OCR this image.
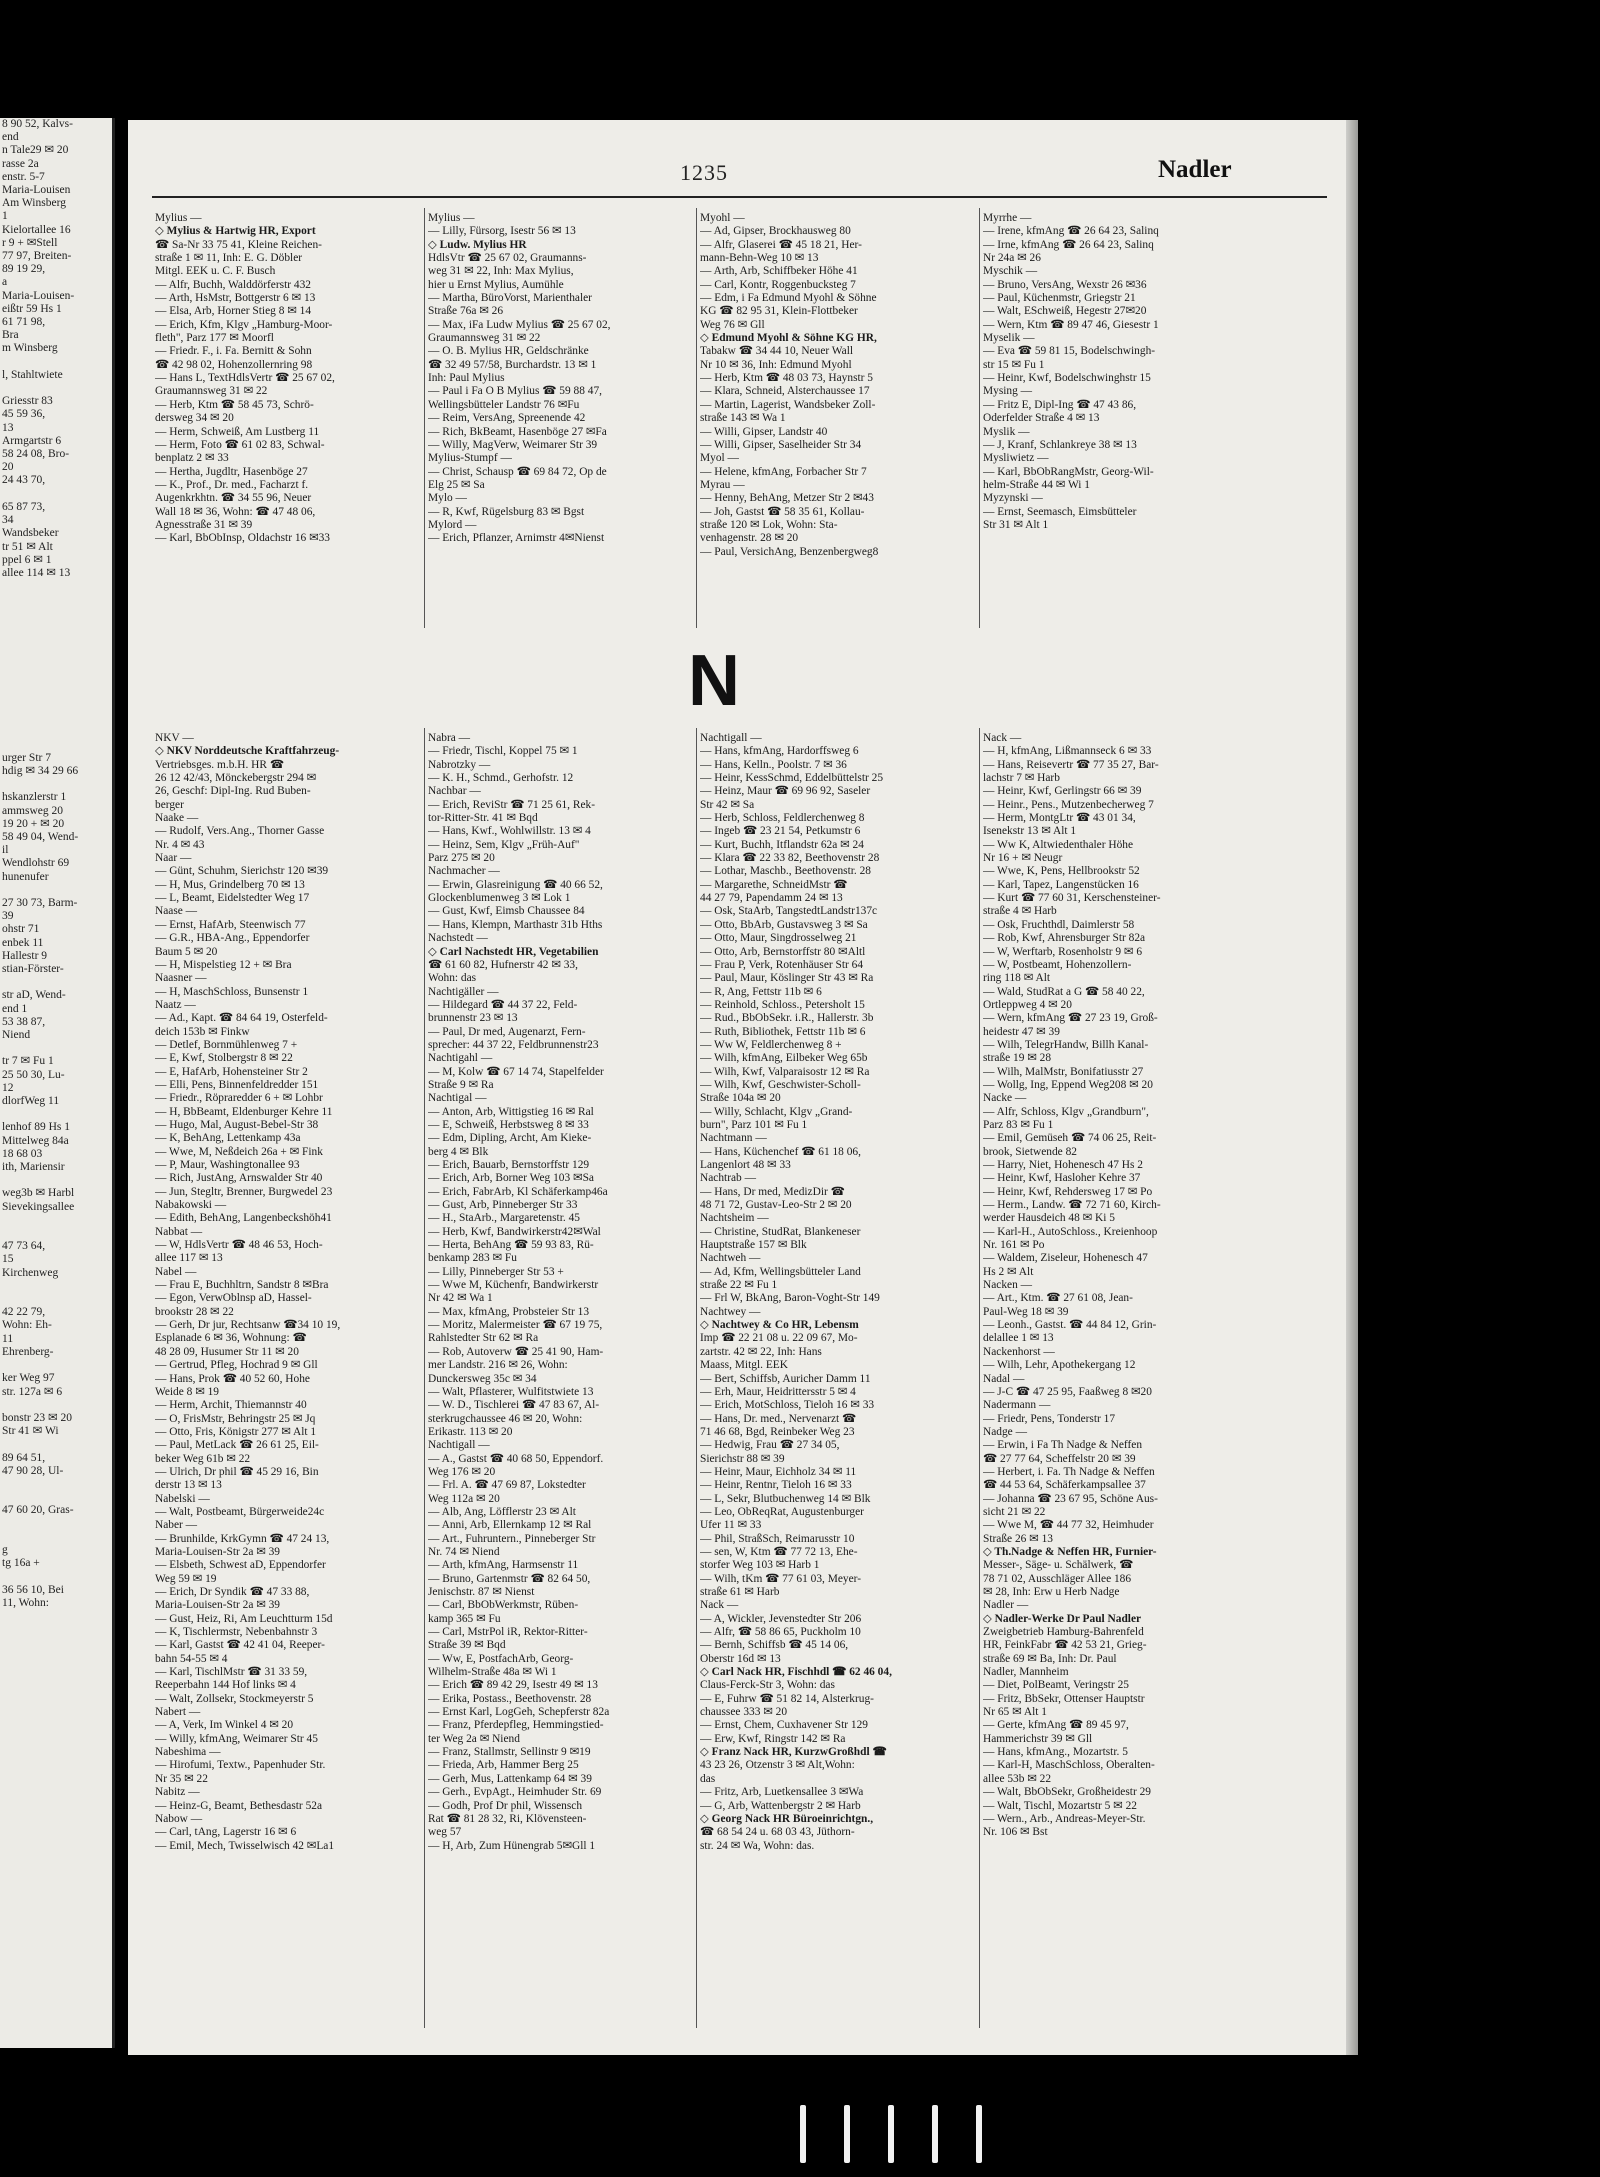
8 90 52, Kalvs-
end
n Tale29 ✉ 20
rasse 2a
enstr. 5-7
Maria-Louisen
Am Winsberg
1
Kielortallee 16
r 9 + ✉Stell
77 97, Breiten-
89 19 29,
a
Maria-Louisen-
eißtr 59 Hs 1
61 71 98,
Bra
m Winsberg

l, Stahltwiete

Griesstr 83
45 59 36,
13
Armgartstr 6
58 24 08, Bro-
20
24 43 70,

65 87 73,
34
Wandsbeker
tr 51 ✉ Alt
ppel 6 ✉ 1
allee 114 ✉ 13

urger Str 7
hdig ✉ 34 29 66

hskanzlerstr 1
ammsweg 20
19 20 + ✉ 20
58 49 04, Wend-
il
Wendlohstr 69
hunenufer

27 30 73, Barm-
39
ohstr 71
enbek 11
Hallestr 9
stian-Förster-

str aD, Wend-
end 1
53 38 87,
Niend

tr 7 ✉ Fu 1
25 50 30, Lu-
12
dlorfWeg 11

lenhof 89 Hs 1
Mittelweg 84a
18 68 03
ith, Mariensir

weg3b ✉ Harbl
Sievekingsallee

47 73 64,
15
Kirchenweg

42 22 79,
Wohn: Eh-
11
Ehrenberg-

ker Weg 97
str. 127a ✉ 6

bonstr 23 ✉ 20
Str 41 ✉ Wi

89 64 51,
47 90 28, Ul-

47 60 20, Gras-

g
tg 16a +

36 56 10, Bei
11, Wohn:
1235	Nadler
Mylius —
◇ Mylius & Hartwig HR, Export
☎ Sa-Nr 33 75 41, Kleine Reichen-
straße 1 ✉ 11, Inh: E. G. Döbler
Mitgl. EEK u. C. F. Busch
— Alfr, Buchh, Walddörferstr 432
— Arth, HsMstr, Bottgerstr 6 ✉ 13
— Elsa, Arb, Horner Stieg 8 ✉ 14
— Erich, Kfm, Klgv „Hamburg-Moor-
fleth", Parz 177 ✉ Moorfl
— Friedr. F., i. Fa. Bernitt & Sohn
☎ 42 98 02, Hohenzollernring 98
— Hans L, TextHdlsVertr ☎ 25 67 02,
Graumannsweg 31 ✉ 22
— Herb, Ktm ☎ 58 45 73, Schrö-
dersweg 34 ✉ 20
— Herm, Schweiß, Am Lustberg 11
— Herm, Foto ☎ 61 02 83, Schwal-
benplatz 2 ✉ 33
— Hertha, Jugdltr, Hasenböge 27
— K., Prof., Dr. med., Facharzt f.
Augenkrkhtn. ☎ 34 55 96, Neuer
Wall 18 ✉ 36, Wohn: ☎ 47 48 06,
Agnesstraße 31 ✉ 39
— Karl, BbObInsp, Oldachstr 16 ✉33
Mylius —
— Lilly, Fürsorg, Isestr 56 ✉ 13
◇ Ludw. Mylius HR
HdlsVtr ☎ 25 67 02, Graumanns-
weg 31 ✉ 22, Inh: Max Mylius,
hier u Ernst Mylius, Aumühle
— Martha, BüroVorst, Marienthaler
Straße 76a ✉ 26
— Max, iFa Ludw Mylius ☎ 25 67 02,
Graumannsweg 31 ✉ 22
— O. B. Mylius HR, Geldschränke
☎ 32 49 57/58, Burchardstr. 13 ✉ 1
Inh: Paul Mylius
— Paul i Fa O B Mylius ☎ 59 88 47,
Wellingsbütteler Landstr 76 ✉Fu
— Reim, VersAng, Spreenende 42
— Rich, BkBeamt, Hasenböge 27 ✉Fa
— Willy, MagVerw, Weimarer Str 39
Mylius-Stumpf —
— Christ, Schausp ☎ 69 84 72, Op de
Elg 25 ✉ Sa
Mylo —
— R, Kwf, Rügelsburg 83 ✉ Bgst
Mylord —
— Erich, Pflanzer, Arnimstr 4✉Nienst
Myohl —
— Ad, Gipser, Brockhausweg 80
— Alfr, Glaserei ☎ 45 18 21, Her-
mann-Behn-Weg 10 ✉ 13
— Arth, Arb, Schiffbeker Höhe 41
— Carl, Kontr, Roggenbucksteg 7
— Edm, i Fa Edmund Myohl & Söhne
KG ☎ 82 95 31, Klein-Flottbeker
Weg 76 ✉ Gll
◇ Edmund Myohl & Söhne KG HR,
Tabakw ☎ 34 44 10, Neuer Wall
Nr 10 ✉ 36, Inh: Edmund Myohl
— Herb, Ktm ☎ 48 03 73, Haynstr 5
— Klara, Schneid, Alsterchaussee 17
— Martin, Lagerist, Wandsbeker Zoll-
straße 143 ✉ Wa 1
— Willi, Gipser, Landstr 40
— Willi, Gipser, Saselheider Str 34
Myol —
— Helene, kfmAng, Forbacher Str 7
Myrau —
— Henny, BehAng, Metzer Str 2 ✉43
— Joh, Gastst ☎ 58 35 61, Kollau-
straße 120 ✉ Lok, Wohn: Sta-
venhagenstr. 28 ✉ 20
— Paul, VersichAng, Benzenbergweg8
Myrrhe —
— Irene, kfmAng ☎ 26 64 23, Salinq
— Irne, kfmAng ☎ 26 64 23, Salinq
Nr 24a ✉ 26
Myschik —
— Bruno, VersAng, Wexstr 26 ✉36
— Paul, Küchenmstr, Griegstr 21
— Walt, ESchweiß, Hegestr 27✉20
— Wern, Ktm ☎ 89 47 46, Giesestr 1
Myselik —
— Eva ☎ 59 81 15, Bodelschwingh-
str 15 ✉ Fu 1
— Heinr, Kwf, Bodelschwinghstr 15
Mysing —
— Fritz E, Dipl-Ing ☎ 47 43 86,
Oderfelder Straße 4 ✉ 13
Myslik —
— J, Kranf, Schlankreye 38 ✉ 13
Mysliwietz —
— Karl, BbObRangMstr, Georg-Wil-
helm-Straße 44 ✉ Wi 1
Myzynski —
— Ernst, Seemasch, Eimsbütteler
Str 31 ✉ Alt 1
N
NKV —
◇ NKV Norddeutsche Kraftfahrzeug-
Vertriebsges. m.b.H. HR ☎
26 12 42/43, Mönckebergstr 294 ✉
26, Geschf: Dipl-Ing. Rud Buben-
berger
Naake —
— Rudolf, Vers.Ang., Thorner Gasse
Nr. 4 ✉ 43
Naar —
— Günt, Schuhm, Sierichstr 120 ✉39
— H, Mus, Grindelberg 70 ✉ 13
— L, Beamt, Eidelstedter Weg 17
Naase —
— Ernst, HafArb, Steenwisch 77
— G.R., HBA-Ang., Eppendorfer
Baum 5 ✉ 20
— H, Mispelstieg 12 + ✉ Bra
Naasner —
— H, MaschSchloss, Bunsenstr 1
Naatz —
— Ad., Kapt. ☎ 84 64 19, Osterfeld-
deich 153b ✉ Finkw
— Detlef, Bornmühlenweg 7 +
— E, Kwf, Stolbergstr 8 ✉ 22
— E, HafArb, Hohensteiner Str 2
— Elli, Pens, Binnenfeldredder 151
— Friedr., Röpraredder 6 + ✉ Lohbr
— H, BbBeamt, Eldenburger Kehre 11
— Hugo, Mal, August-Bebel-Str 38
— K, BehAng, Lettenkamp 43a
— Wwe, M, Neßdeich 26a + ✉ Fink
— P, Maur, Washingtonallee 93
— Rich, JustAng, Arnswalder Str 40
— Jun, Stegltr, Brenner, Burgwedel 23
Nabakowski —
— Edith, BehAng, Langenbeckshöh41
Nabbat —
— W, HdlsVertr ☎ 48 46 53, Hoch-
allee 117 ✉ 13
Nabel —
— Frau E, Buchhltrn, Sandstr 8 ✉Bra
— Egon, VerwOblnsp aD, Hassel-
brookstr 28 ✉ 22
— Gerh, Dr jur, Rechtsanw ☎34 10 19,
Esplanade 6 ✉ 36, Wohnung: ☎
48 28 09, Husumer Str 11 ✉ 20
— Gertrud, Pfleg, Hochrad 9 ✉ Gll
— Hans, Prok ☎ 40 52 60, Hohe
Weide 8 ✉ 19
— Herm, Archit, Thiemannstr 40
— O, FrisMstr, Behringstr 25 ✉ Jq
— Otto, Fris, Königstr 277 ✉ Alt 1
— Paul, MetLack ☎ 26 61 25, Eil-
beker Weg 61b ✉ 22
— Ulrich, Dr phil ☎ 45 29 16, Bin
derstr 13 ✉ 13
Nabelski —
— Walt, Postbeamt, Bürgerweide24c
Naber —
— Brunhilde, KrkGymn ☎ 47 24 13,
Maria-Louisen-Str 2a ✉ 39
— Elsbeth, Schwest aD, Eppendorfer
Weg 59 ✉ 19
— Erich, Dr Syndik ☎ 47 33 88,
Maria-Louisen-Str 2a ✉ 39
— Gust, Heiz, Ri, Am Leuchtturm 15d
— K, Tischlermstr, Nebenbahnstr 3
— Karl, Gastst ☎ 42 41 04, Reeper-
bahn 54-55 ✉ 4
— Karl, TischlMstr ☎ 31 33 59,
Reeperbahn 144 Hof links ✉ 4
— Walt, Zollsekr, Stockmeyerstr 5
Nabert —
— A, Verk, Im Winkel 4 ✉ 20
— Willy, kfmAng, Weimarer Str 45
Nabeshima —
— Hirofumi, Textw., Papenhuder Str.
Nr 35 ✉ 22
Nabitz —
— Heinz-G, Beamt, Bethesdastr 52a
Nabow —
— Carl, tAng, Lagerstr 16 ✉ 6
— Emil, Mech, Twisselwisch 42 ✉La1
Nabra —
— Friedr, Tischl, Koppel 75 ✉ 1
Nabrotzky —
— K. H., Schmd., Gerhofstr. 12
Nachbar —
— Erich, ReviStr ☎ 71 25 61, Rek-
tor-Ritter-Str. 41 ✉ Bqd
— Hans, Kwf., Wohlwillstr. 13 ✉ 4
— Heinz, Sem, Klgv „Früh-Auf"
Parz 275 ✉ 20
Nachmacher —
— Erwin, Glasreinigung ☎ 40 66 52,
Glockenblumenweg 3 ✉ Lok 1
— Gust, Kwf, Eimsb Chaussee 84
— Hans, Klempn, Marthastr 31b Hths
Nachstedt —
◇ Carl Nachstedt HR, Vegetabilien
☎ 61 60 82, Hufnerstr 42 ✉ 33,
Wohn: das
Nachtigäller —
— Hildegard ☎ 44 37 22, Feld-
brunnenstr 23 ✉ 13
— Paul, Dr med, Augenarzt, Fern-
sprecher: 44 37 22, Feldbrunnenstr23
Nachtigahl —
— M, Kolw ☎ 67 14 74, Stapelfelder
Straße 9 ✉ Ra
Nachtigal —
— Anton, Arb, Wittigstieg 16 ✉ Ral
— E, Schweiß, Herbstsweg 8 ✉ 33
— Edm, Dipling, Archt, Am Kieke-
berg 4 ✉ Blk
— Erich, Bauarb, Bernstorffstr 129
— Erich, Arb, Borner Weg 103 ✉Sa
— Erich, FabrArb, Kl Schäferkamp46a
— Gust, Arb, Pinneberger Str 33
— H., StaArb., Margaretenstr. 45
— Herb, Kwf, Bandwirkerstr42✉Wal
— Herta, BehAng ☎ 59 93 83, Rü-
benkamp 283 ✉ Fu
— Lilly, Pinneberger Str 53 +
— Wwe M, Küchenfr, Bandwirkerstr
Nr 42 ✉ Wa 1
— Max, kfmAng, Probsteier Str 13
— Moritz, Malermeister ☎ 67 19 75,
Rahlstedter Str 62 ✉ Ra
— Rob, Autoverw ☎ 25 41 90, Ham-
mer Landstr. 216 ✉ 26, Wohn:
Dunckersweg 35c ✉ 34
— Walt, Pflasterer, Wulfitstwiete 13
— W. D., Tischlerei ☎ 47 83 67, Al-
sterkrugchaussee 46 ✉ 20, Wohn:
Erikastr. 113 ✉ 20
Nachtigall —
— A., Gastst ☎ 40 68 50, Eppendorf.
Weg 176 ✉ 20
— Frl. A. ☎ 47 69 87, Lokstedter
Weg 112a ✉ 20
— Alb, Ang, Löfflerstr 23 ✉ Alt
— Anni, Arb, Ellernkamp 12 ✉ Ral
— Art., Fuhruntern., Pinneberger Str
Nr. 74 ✉ Niend
— Arth, kfmAng, Harmsenstr 11
— Bruno, Gartenmstr ☎ 82 64 50,
Jenischstr. 87 ✉ Nienst
— Carl, BbObWerkmstr, Rüben-
kamp 365 ✉ Fu
— Carl, MstrPol iR, Rektor-Ritter-
Straße 39 ✉ Bqd
— Ww, E, PostfachArb, Georg-
Wilhelm-Straße 48a ✉ Wi 1
— Erich ☎ 89 42 29, Isestr 49 ✉ 13
— Erika, Postass., Beethovenstr. 28
— Ernst Karl, LogGeh, Schepferstr 82a
— Franz, Pferdepfleg, Hemmingstied-
ter Weg 2a ✉ Niend
— Franz, Stallmstr, Sellinstr 9 ✉19
— Frieda, Arb, Hammer Berg 25
— Gerh, Mus, Lattenkamp 64 ✉ 39
— Gerh., EvpAgt., Heimhuder Str. 69
— Godh, Prof Dr phil, Wissensch
Rat ☎ 81 28 32, Ri, Klövensteen-
weg 57
— H, Arb, Zum Hünengrab 5✉Gll 1
Nachtigall —
— Hans, kfmAng, Hardorffsweg 6
— Hans, Kelln., Poolstr. 7 ✉ 36
— Heinr, KessSchmd, Eddelbüttelstr 25
— Heinz, Maur ☎ 69 96 92, Saseler
Str 42 ✉ Sa
— Herb, Schloss, Feldlerchenweg 8
— Ingeb ☎ 23 21 54, Petkumstr 6
— Kurt, Buchh, Itflandstr 62a ✉ 24
— Klara ☎ 22 33 82, Beethovenstr 28
— Lothar, Maschb., Beethovenstr. 28
— Margarethe, SchneidMstr ☎
44 27 79, Papendamm 24 ✉ 13
— Osk, StaArb, TangstedtLandstr137c
— Otto, BbArb, Gustavsweg 3 ✉ Sa
— Otto, Maur, Singdrosselweg 21
— Otto, Arb, Bernstorffstr 80 ✉Altl
— Frau P, Verk, Rotenhäuser Str 64
— Paul, Maur, Köslinger Str 43 ✉ Ra
— R, Ang, Fettstr 11b ✉ 6
— Reinhold, Schloss., Petersholt 15
— Rud., BbObSekr. i.R., Hallerstr. 3b
— Ruth, Bibliothek, Fettstr 11b ✉ 6
— Ww W, Feldlerchenweg 8 +
— Wilh, kfmAng, Eilbeker Weg 65b
— Wilh, Kwf, Valparaisostr 12 ✉ Ra
— Wilh, Kwf, Geschwister-Scholl-
Straße 104a ✉ 20
— Willy, Schlacht, Klgv „Grand-
burn", Parz 101 ✉ Fu 1
Nachtmann —
— Hans, Küchenchef ☎ 61 18 06,
Langenlort 48 ✉ 33
Nachtrab —
— Hans, Dr med, MedizDir ☎
48 71 72, Gustav-Leo-Str 2 ✉ 20
Nachtsheim —
— Christine, StudRat, Blankeneser
Hauptstraße 157 ✉ Blk
Nachtweh —
— Ad, Kfm, Wellingsbütteler Land
straße 22 ✉ Fu 1
— Frl W, BkAng, Baron-Voght-Str 149
Nachtwey —
◇ Nachtwey & Co HR, Lebensm
Imp ☎ 22 21 08 u. 22 09 67, Mo-
zartstr. 42 ✉ 22, Inh: Hans
Maass, Mitgl. EEK
— Bert, Schiffsb, Auricher Damm 11
— Erh, Maur, Heidrittersstr 5 ✉ 4
— Erich, MotSchloss, Tieloh 16 ✉ 33
— Hans, Dr. med., Nervenarzt ☎
71 46 68, Bgd, Reinbeker Weg 23
— Hedwig, Frau ☎ 27 34 05,
Sierichstr 88 ✉ 39
— Heinr, Maur, Eichholz 34 ✉ 11
— Heinr, Rentnr, Tieloh 16 ✉ 33
— L, Sekr, Blutbuchenweg 14 ✉ Blk
— Leo, ObReqRat, Augustenburger
Ufer 11 ✉ 33
— Phil, StraßSch, Reimarusstr 10
— sen, W, Ktm ☎ 77 72 13, Ehe-
storfer Weg 103 ✉ Harb 1
— Wilh, tKm ☎ 77 61 03, Meyer-
straße 61 ✉ Harb
Nack —
— A, Wickler, Jevenstedter Str 206
— Alfr, ☎ 58 86 65, Puckholm 10
— Bernh, Schiffsb ☎ 45 14 06,
Oberstr 16d ✉ 13
◇ Carl Nack HR, Fischhdl ☎ 62 46 04,
Claus-Ferck-Str 3, Wohn: das
— E, Fuhrw ☎ 51 82 14, Alsterkrug-
chaussee 333 ✉ 20
— Ernst, Chem, Cuxhavener Str 129
— Erw, Kwf, Ringstr 142 ✉ Ra
◇ Franz Nack HR, KurzwGroßhdl ☎
43 23 26, Otzenstr 3 ✉ Alt,Wohn:
das
— Fritz, Arb, Luetkensallee 3 ✉Wa
— G, Arb, Wattenbergstr 2 ✉ Harb
◇ Georg Nack HR Büroeinrichtgn.,
☎ 68 54 24 u. 68 03 43, Jüthorn-
str. 24 ✉ Wa, Wohn: das.
Nack —
— H, kfmAng, Lißmannseck 6 ✉ 33
— Hans, Reisevertr ☎ 77 35 27, Bar-
lachstr 7 ✉ Harb
— Heinr, Kwf, Gerlingstr 66 ✉ 39
— Heinr., Pens., Mutzenbecherweg 7
— Herm, MontgLtr ☎ 43 01 34,
Isenekstr 13 ✉ Alt 1
— Ww K, Altwiedenthaler Höhe
Nr 16 + ✉ Neugr
— Wwe, K, Pens, Hellbrookstr 52
— Karl, Tapez, Langenstücken 16
— Kurt ☎ 77 60 31, Kerschensteiner-
straße 4 ✉ Harb
— Osk, Fruchthdl, Daimlerstr 58
— Rob, Kwf, Ahrensburger Str 82a
— W, Werftarb, Rosenholstr 9 ✉ 6
— W, Postbeamt, Hohenzollern-
ring 118 ✉ Alt
— Wald, StudRat a G ☎ 58 40 22,
Ortleppweg 4 ✉ 20
— Wern, kfmAng ☎ 27 23 19, Groß-
heidestr 47 ✉ 39
— Wilh, TelegrHandw, Billh Kanal-
straße 19 ✉ 28
— Wilh, MalMstr, Bonifatiusstr 27
— Wollg, Ing, Eppend Weg208 ✉ 20
Nacke —
— Alfr, Schloss, Klgv „Grandburn",
Parz 83 ✉ Fu 1
— Emil, Gemüseh ☎ 74 06 25, Reit-
brook, Sietwende 82
— Harry, Niet, Hohenesch 47 Hs 2
— Heinr, Kwf, Hasloher Kehre 37
— Heinr, Kwf, Rehdersweg 17 ✉ Po
— Herm., Landw. ☎ 72 71 60, Kirch-
werder Hausdeich 48 ✉ Ki 5
— Karl-H., AutoSchloss., Kreienhoop
Nr. 161 ✉ Po
— Waldem, Ziseleur, Hohenesch 47
Hs 2 ✉ Alt
Nacken —
— Art., Ktm. ☎ 27 61 08, Jean-
Paul-Weg 18 ✉ 39
— Leonh., Gastst. ☎ 44 84 12, Grin-
delallee 1 ✉ 13
Nackenhorst —
— Wilh, Lehr, Apothekergang 12
Nadal —
— J-C ☎ 47 25 95, Faaßweg 8 ✉20
Nadermann —
— Friedr, Pens, Tonderstr 17
Nadge —
— Erwin, i Fa Th Nadge & Neffen
☎ 27 77 64, Scheffelstr 20 ✉ 39
— Herbert, i. Fa. Th Nadge & Neffen
☎ 44 53 64, Schäferkampsallee 37
— Johanna ☎ 23 67 95, Schöne Aus-
sicht 21 ✉ 22
— Wwe M, ☎ 44 77 32, Heimhuder
Straße 26 ✉ 13
◇ Th.Nadge & Neffen HR, Furnier-
Messer-, Säge- u. Schälwerk, ☎
78 71 02, Ausschläger Allee 186
✉ 28, Inh: Erw u Herb Nadge
Nadler —
◇ Nadler-Werke Dr Paul Nadler
Zweigbetrieb Hamburg-Bahrenfeld
HR, FeinkFabr ☎ 42 53 21, Grieg-
straße 69 ✉ Ba, Inh: Dr. Paul
Nadler, Mannheim
— Diet, PolBeamt, Veringstr 25
— Fritz, BbSekr, Ottenser Hauptstr
Nr 65 ✉ Alt 1
— Gerte, kfmAng ☎ 89 45 97,
Hammerichstr 39 ✉ Gll
— Hans, kfmAng., Mozartstr. 5
— Karl-H, MaschSchloss, Oberalten-
allee 53b ✉ 22
— Walt, BbObSekr, Großheidestr 29
— Walt, Tischl, Mozartstr 5 ✉ 22
— Wern., Arb., Andreas-Meyer-Str.
Nr. 106 ✉ Bst
